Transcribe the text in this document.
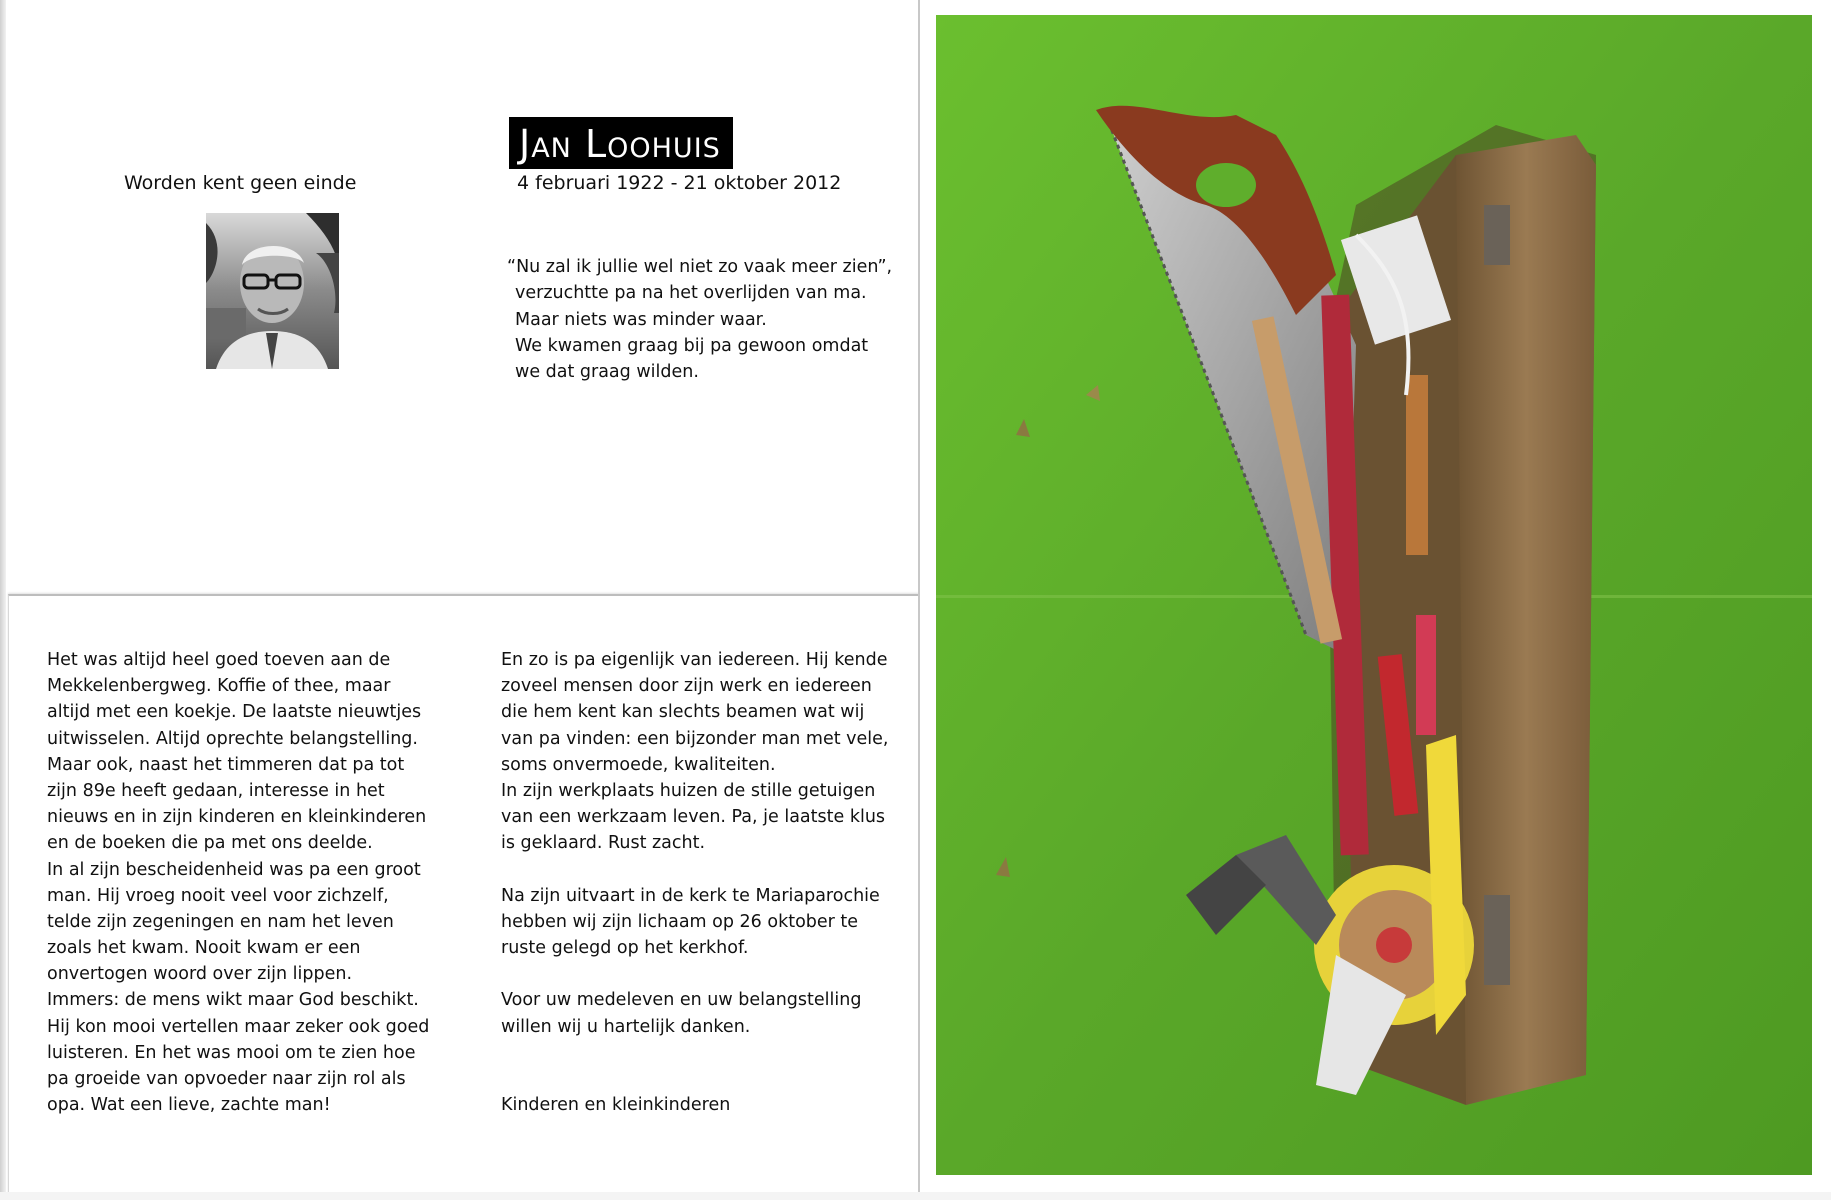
Worden kent geen einde
Jan Loohuis
4 februari 1922 - 21 oktober 2012
“Nu zal ik jullie wel niet zo vaak meer zien”,
verzuchtte pa na het overlijden van ma.
Maar niets was minder waar.
We kwamen graag bij pa gewoon omdat
we dat graag wilden.
Het was altijd heel goed toeven aan de
Mekkelenbergweg. Koffie of thee, maar
altijd met een koekje. De laatste nieuwtjes
uitwisselen. Altijd oprechte belangstelling.
Maar ook, naast het timmeren dat pa tot
zijn 89e heeft gedaan, interesse in het
nieuws en in zijn kinderen en kleinkinderen
en de boeken die pa met ons deelde.
In al zijn bescheidenheid was pa een groot
man. Hij vroeg nooit veel voor zichzelf,
telde zijn zegeningen en nam het leven
zoals het kwam. Nooit kwam er een
onvertogen woord over zijn lippen.
Immers: de mens wikt maar God beschikt.
Hij kon mooi vertellen maar zeker ook goed
luisteren. En het was mooi om te zien hoe
pa groeide van opvoeder naar zijn rol als
opa. Wat een lieve, zachte man!
En zo is pa eigenlijk van iedereen. Hij kende
zoveel mensen door zijn werk en iedereen
die hem kent kan slechts beamen wat wij
van pa vinden: een bijzonder man met vele,
soms onvermoede, kwaliteiten.
In zijn werkplaats huizen de stille getuigen
van een werkzaam leven. Pa, je laatste klus
is geklaard. Rust zacht.
Na zijn uitvaart in de kerk te Mariaparochie
hebben wij zijn lichaam op 26 oktober te
ruste gelegd op het kerkhof.
Voor uw medeleven en uw belangstelling
willen wij u hartelijk danken.
Kinderen en kleinkinderen
